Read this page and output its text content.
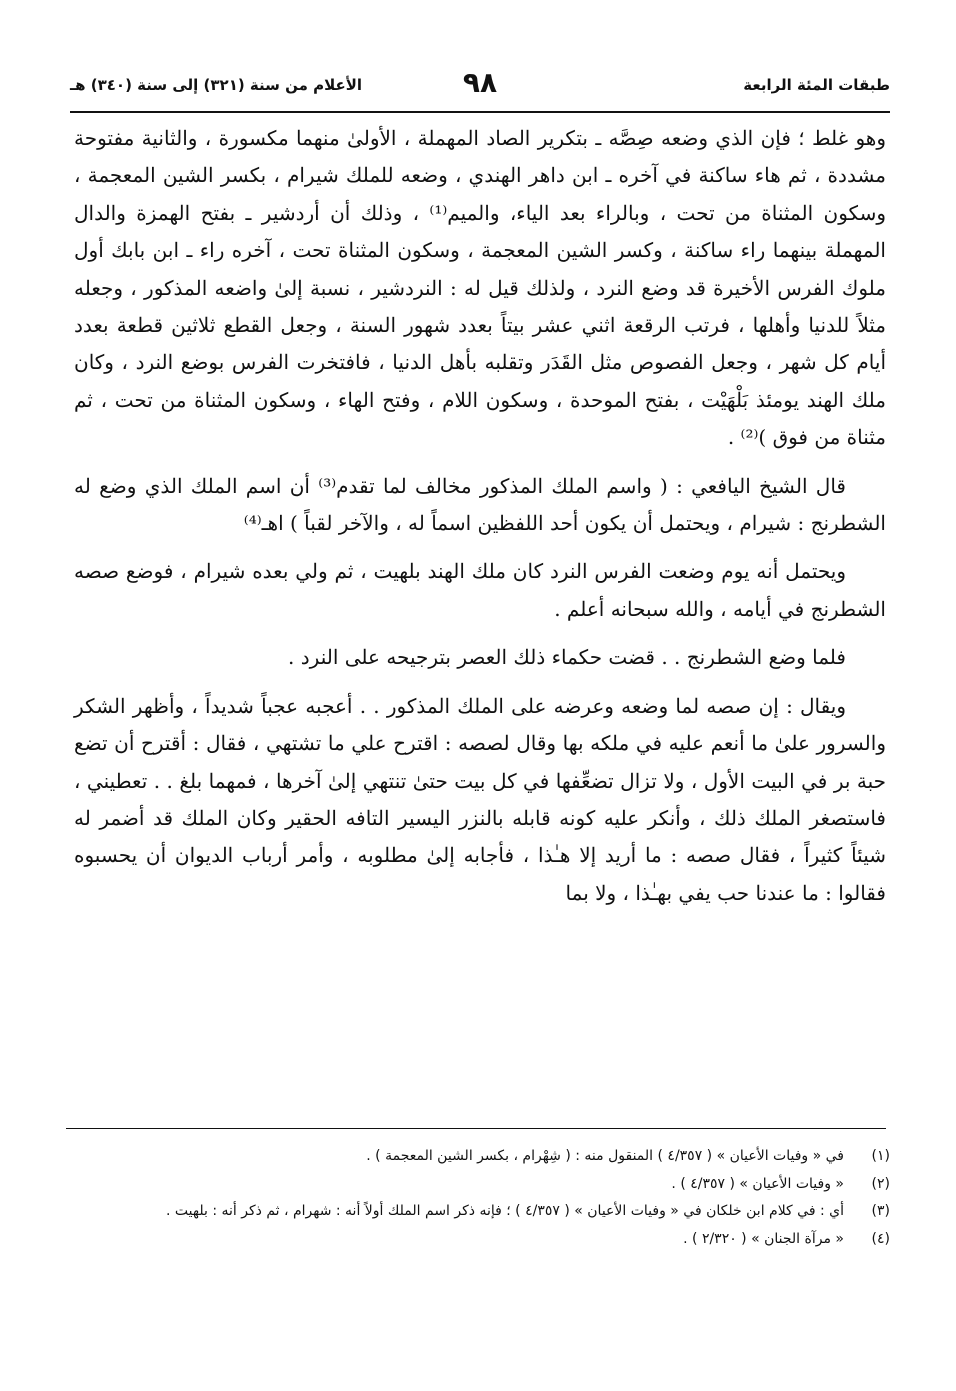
طبقات المئة الرابعة
٩٨
الأعلام من سنة (٣٢١) إلى سنة (٣٤٠) هـ

وهو غلط ؛ فإن الذي وضعه صِصَّه ـ بتكرير الصاد المهملة ، الأولىٰ منهما مكسورة ، والثانية مفتوحة مشددة ، ثم هاء ساكنة في آخره ـ ابن داهر الهندي ، وضعه للملك شيرام ، بكسر الشين المعجمة ، وسكون المثناة من تحت ، وبالراء بعد الياء، والميم⁽¹⁾ ، وذلك أن أردشير ـ بفتح الهمزة والدال المهملة بينهما راء ساكنة ، وكسر الشين المعجمة ، وسكون المثناة تحت ، آخره راء ـ ابن بابك أول ملوك الفرس الأخيرة قد وضع النرد ، ولذلك قيل له : النردشير ، نسبة إلىٰ واضعه المذكور ، وجعله مثلاً للدنيا وأهلها ، فرتب الرقعة اثني عشر بيتاً بعدد شهور السنة ، وجعل القطع ثلاثين قطعة بعدد أيام كل شهر ، وجعل الفصوص مثل القَدَر وتقلبه بأهل الدنيا ، فافتخرت الفرس بوضع النرد ، وكان ملك الهند يومئذ بَلْهَيْت ، بفتح الموحدة ، وسكون اللام ، وفتح الهاء ، وسكون المثناة من تحت ، ثم مثناة من فوق )⁽²⁾ .

قال الشيخ اليافعي : ( واسم الملك المذكور مخالف لما تقدم⁽³⁾ أن اسم الملك الذي وضع له الشطرنج : شيرام ، ويحتمل أن يكون أحد اللفظين اسماً له ، والآخر لقباً ) اهـ⁽⁴⁾

ويحتمل أنه يوم وضعت الفرس النرد كان ملك الهند بلهيت ، ثم ولي بعده شيرام ، فوضع صصه الشطرنج في أيامه ، والله سبحانه أعلم .

فلما وضع الشطرنج . . قضت حكماء ذلك العصر بترجيحه على النرد .

ويقال : إن صصه لما وضعه وعرضه على الملك المذكور . . أعجبه عجباً شديداً ، وأظهر الشكر والسرور علىٰ ما أنعم عليه في ملكه بها وقال لصصه : اقترح علي ما تشتهي ، فقال : أقترح أن تضع حبة بر في البيت الأول ، ولا تزال تضعِّفها في كل بيت حتىٰ تنتهي إلىٰ آخرها ، فمهما بلغ . . تعطيني ، فاستصغر الملك ذلك ، وأنكر عليه كونه قابله بالنزر اليسير التافه الحقير وكان الملك قد أضمر له شيئاً كثيراً ، فقال صصه : ما أريد إلا هـٰذا ، فأجابه إلىٰ مطلوبه ، وأمر أرباب الديوان أن يحسبوه فقالوا : ما عندنا حب يفي بهـٰذا ، ولا بما

(١)
في « وفيات الأعيان » ( ٤/٣٥٧ ) المنقول منه : ( شِهْرام ، بكسر الشين المعجمة ) .
(٢)
« وفيات الأعيان » ( ٤/٣٥٧ ) .
(٣)
أي : في كلام ابن خلكان في « وفيات الأعيان » ( ٤/٣٥٧ ) ؛ فإنه ذكر اسم الملك أولاً أنه : شهرام ، ثم ذكر أنه : بلهيت .
(٤)
« مرآة الجنان » ( ٢/٣٢٠ ) .
